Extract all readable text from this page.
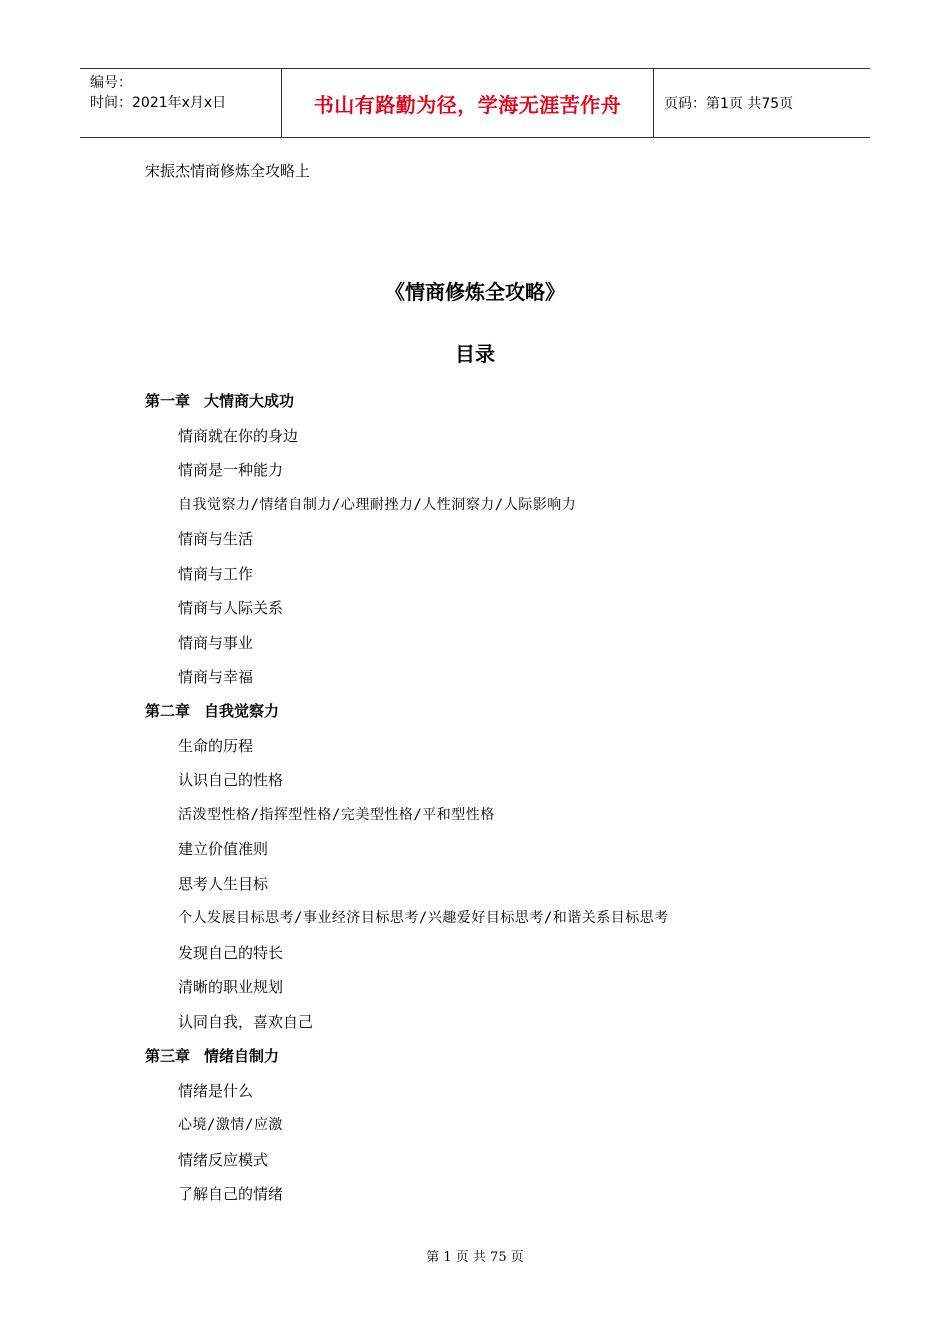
编号：
时间：2021年x月x日	书山有路勤为径，学海无涯苦作舟	页码：第1页 共75页
宋振杰情商修炼全攻略上
《情商修炼全攻略》
目录
第一章 大情商大成功
情商就在你的身边
情商是一种能力
自我觉察力/情绪自制力/心理耐挫力/人性洞察力/人际影响力
情商与生活
情商与工作
情商与人际关系
情商与事业
情商与幸福
第二章 自我觉察力
生命的历程
认识自己的性格
活泼型性格/指挥型性格/完美型性格/平和型性格
建立价值准则
思考人生目标
个人发展目标思考/事业经济目标思考/兴趣爱好目标思考/和谐关系目标思考
发现自己的特长
清晰的职业规划
认同自我，喜欢自己
第三章 情绪自制力
情绪是什么
心境/激情/应激
情绪反应模式
了解自己的情绪
第 1 页 共 75 页
